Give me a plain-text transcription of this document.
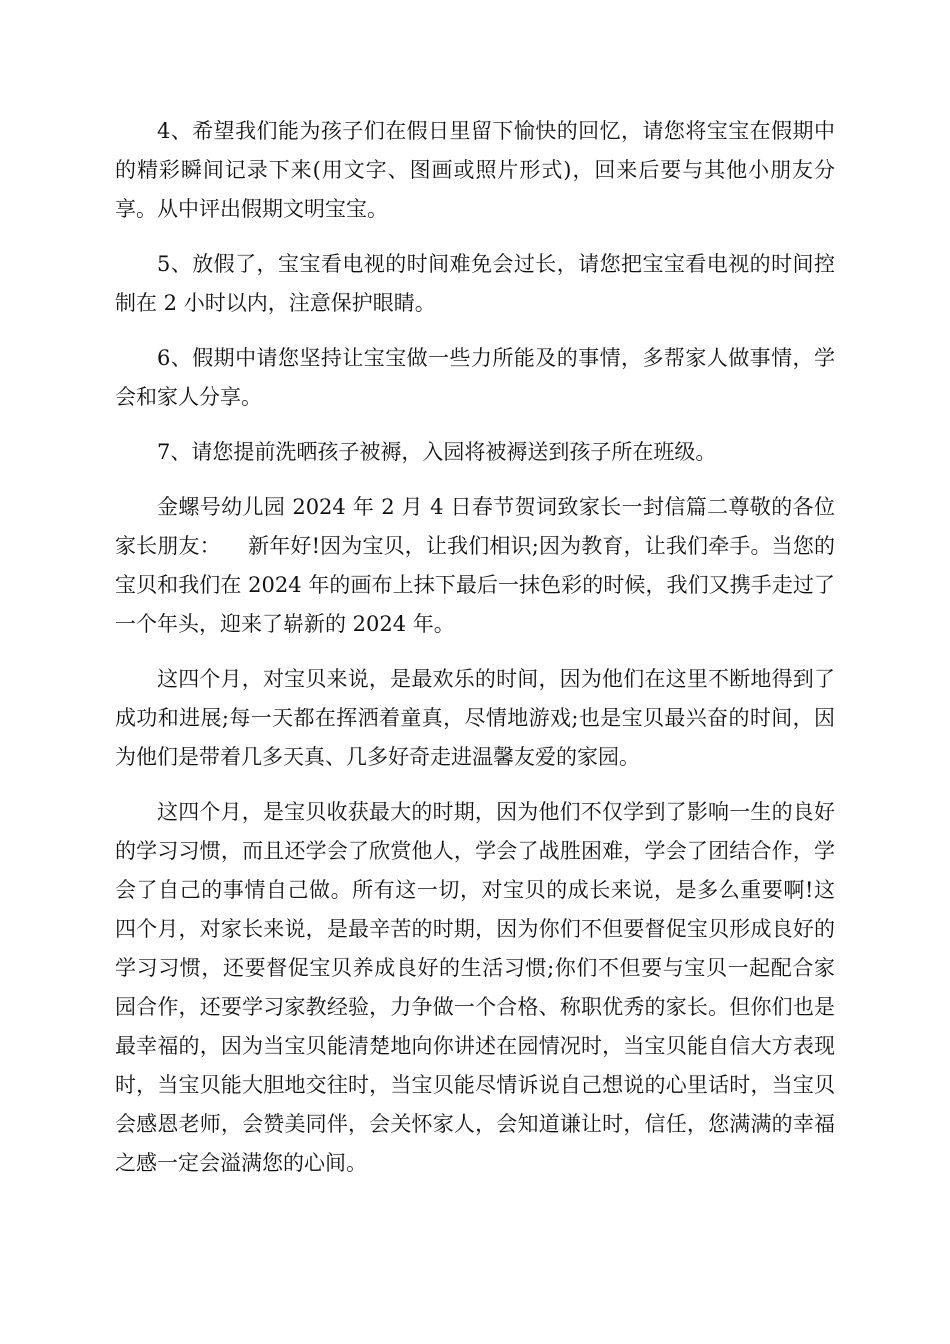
4、希望我们能为孩子们在假日里留下愉快的回忆，请您将宝宝在假期中的精彩瞬间记录下来(用文字、图画或照片形式)，回来后要与其他小朋友分享。从中评出假期文明宝宝。

5、放假了，宝宝看电视的时间难免会过长，请您把宝宝看电视的时间控制在 2 小时以内，注意保护眼睛。

6、假期中请您坚持让宝宝做一些力所能及的事情，多帮家人做事情，学会和家人分享。

7、请您提前洗晒孩子被褥，入园将被褥送到孩子所在班级。

金螺号幼儿园 2024 年 2 月 4 日春节贺词致家长一封信篇二尊敬的各位家长朋友：    新年好!因为宝贝，让我们相识;因为教育，让我们牵手。当您的宝贝和我们在 2024 年的画布上抹下最后一抹色彩的时候，我们又携手走过了一个年头，迎来了崭新的 2024 年。

这四个月，对宝贝来说，是最欢乐的时间，因为他们在这里不断地得到了成功和进展;每一天都在挥洒着童真，尽情地游戏;也是宝贝最兴奋的时间，因为他们是带着几多天真、几多好奇走进温馨友爱的家园。

这四个月，是宝贝收获最大的时期，因为他们不仅学到了影响一生的良好的学习习惯，而且还学会了欣赏他人，学会了战胜困难，学会了团结合作，学会了自己的事情自己做。所有这一切，对宝贝的成长来说，是多么重要啊!这四个月，对家长来说，是最辛苦的时期，因为你们不但要督促宝贝形成良好的学习习惯，还要督促宝贝养成良好的生活习惯;你们不但要与宝贝一起配合家园合作，还要学习家教经验，力争做一个合格、称职优秀的家长。但你们也是最幸福的，因为当宝贝能清楚地向你讲述在园情况时，当宝贝能自信大方表现时，当宝贝能大胆地交往时，当宝贝能尽情诉说自己想说的心里话时，当宝贝会感恩老师，会赞美同伴，会关怀家人，会知道谦让时，信任，您满满的幸福之感一定会溢满您的心间。
